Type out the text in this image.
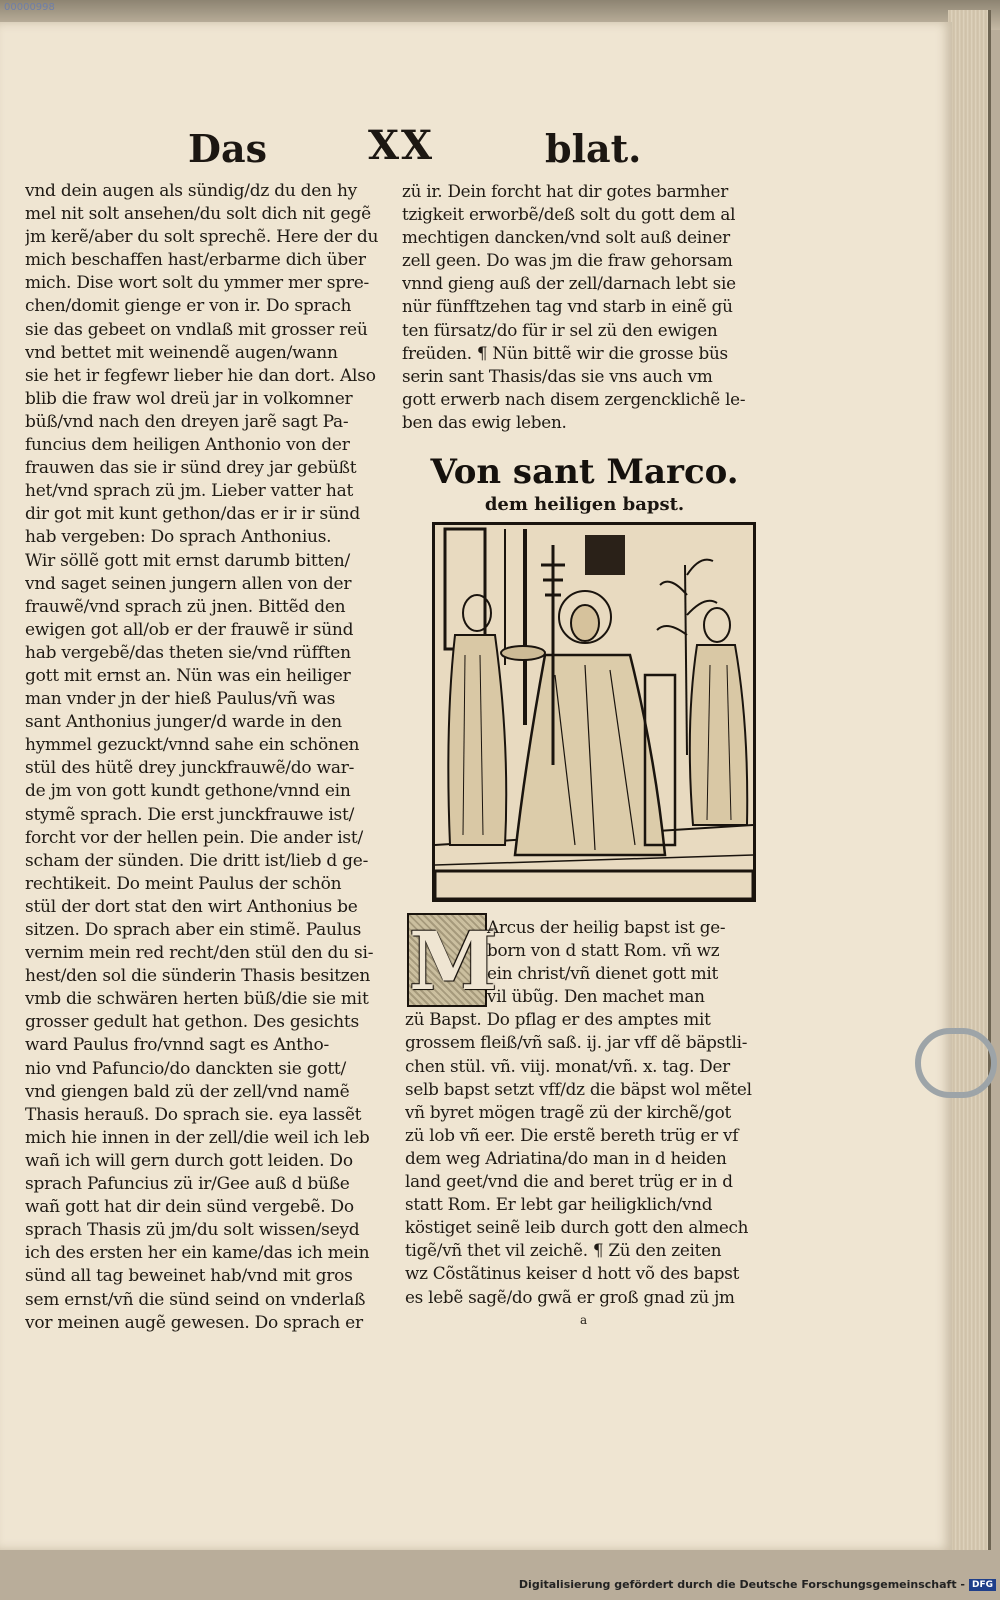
00000998
Das	XX	blat.
vnd dein augen als sündig/dz du den hy
mel nit solt ansehen/du solt dich nit gegẽ
jm kerẽ/aber du solt sprechẽ. Here der du
mich beschaffen hast/erbarme dich über
mich. Dise wort solt du ymmer mer spre-
chen/domit gienge er von ir. Do sprach
sie das gebeet on vndlaß mit grosser reü
vnd bettet mit weinendẽ augen/wann
sie het ir fegfewr lieber hie dan dort. Also
blib die fraw wol dreü jar in volkomner
büß/vnd nach den dreyen jarẽ sagt Pa-
funcius dem heiligen Anthonio von der
frauwen das sie ir sünd drey jar gebüßt
het/vnd sprach zü jm. Lieber vatter hat
dir got mit kunt gethon/das er ir ir sünd
hab vergeben: Do sprach Anthonius.
Wir söllẽ gott mit ernst darumb bitten/
vnd saget seinen jungern allen von der
frauwẽ/vnd sprach zü jnen. Bittẽd den
ewigen got all/ob er der frauwẽ ir sünd
hab vergebẽ/das theten sie/vnd rüfften
gott mit ernst an. Nün was ein heiliger
man vnder jn der hieß Paulus/vñ was
sant Anthonius junger/d warde in den
hymmel gezuckt/vnnd sahe ein schönen
stül des hütẽ drey junckfrauwẽ/do war-
de jm von gott kundt gethone/vnnd ein
stymẽ sprach. Die erst junckfrauwe ist/
forcht vor der hellen pein. Die ander ist/
scham der sünden. Die dritt ist/lieb d ge-
rechtikeit. Do meint Paulus der schön
stül der dort stat den wirt Anthonius be
sitzen. Do sprach aber ein stimẽ. Paulus
vernim mein red recht/den stül den du si-
hest/den sol die sünderin Thasis besitzen
vmb die schwären herten büß/die sie mit
grosser gedult hat gethon. Des gesichts
ward Paulus fro/vnnd sagt es Antho-
nio vnd Pafuncio/do danckten sie gott/
vnd giengen bald zü der zell/vnd namẽ
Thasis herauß. Do sprach sie. eya lassẽt
mich hie innen in der zell/die weil ich leb
wañ ich will gern durch gott leiden. Do
sprach Pafuncius zü ir/Gee auß d büße
wañ gott hat dir dein sünd vergebẽ. Do
sprach Thasis zü jm/du solt wissen/seyd
ich des ersten her ein kame/das ich mein
sünd all tag beweinet hab/vnd mit gros
sem ernst/vñ die sünd seind on vnderlaß
vor meinen augẽ gewesen. Do sprach er
zü ir. Dein forcht hat dir gotes barmher
tzigkeit erworbẽ/deß solt du gott dem al
mechtigen dancken/vnd solt auß deiner
zell geen. Do was jm die fraw gehorsam
vnnd gieng auß der zell/darnach lebt sie
nür fünfftzehen tag vnd starb in einẽ gü
ten fürsatz/do für ir sel zü den ewigen
freüden. ¶ Nün bittẽ wir die grosse büs
serin sant Thasis/das sie vns auch vm
gott erwerb nach disem zergencklichẽ le-
ben das ewig leben.
Von sant Marco.
dem heiligen bapst.
M
Arcus der heilig bapst ist ge-
born von d statt Rom. vñ wz
ein christ/vñ dienet gott mit
vil übũg. Den machet man
zü Bapst. Do pflag er des amptes mit
grossem fleiß/vñ saß. ij. jar vff dẽ bäpstli-
chen stül. vñ. viij. monat/vñ. x. tag. Der
selb bapst setzt vff/dz die bäpst wol mẽtel
vñ byret mögen tragẽ zü der kirchẽ/got
zü lob vñ eer. Die erstẽ bereth trüg er vf
dem weg Adriatina/do man in d heiden
land geet/vnd die and beret trüg er in d
statt Rom. Er lebt gar heiligklich/vnd
köstiget seinẽ leib durch gott den almech
tigẽ/vñ thet vil zeichẽ. ¶ Zü den zeiten
wz Cõstãtinus keiser d hott võ des bapst
es lebẽ sagẽ/do gwã er groß gnad zü jm
a
Digitalisierung gefördert durch die Deutsche Forschungsgemeinschaft - DFG
